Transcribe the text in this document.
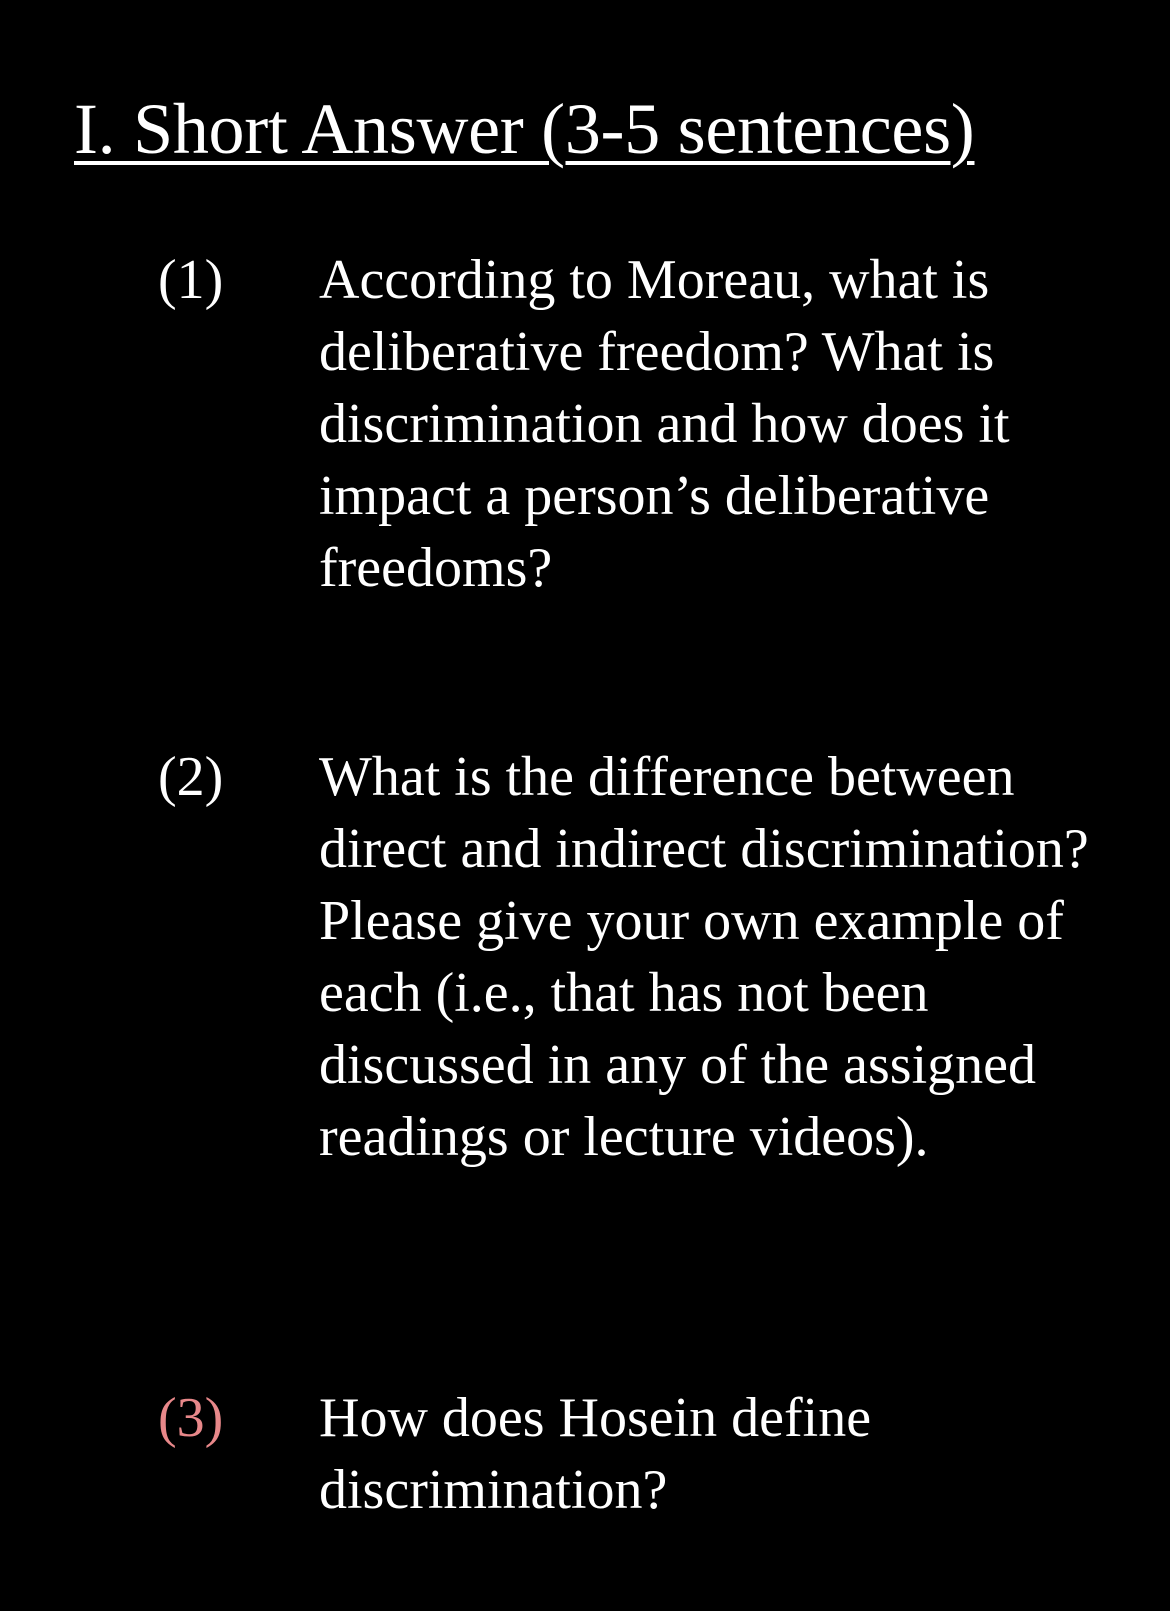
I. Short Answer (3-5 sentences)
(1) According to Moreau, what is deliberative freedom? What is discrimination and how does it impact a person’s deliberative freedoms?

(2) What is the difference between direct and indirect discrimination? Please give your own example of each (i.e., that has not been discussed in any of the assigned readings or lecture videos).

(3) How does Hosein define discrimination?
